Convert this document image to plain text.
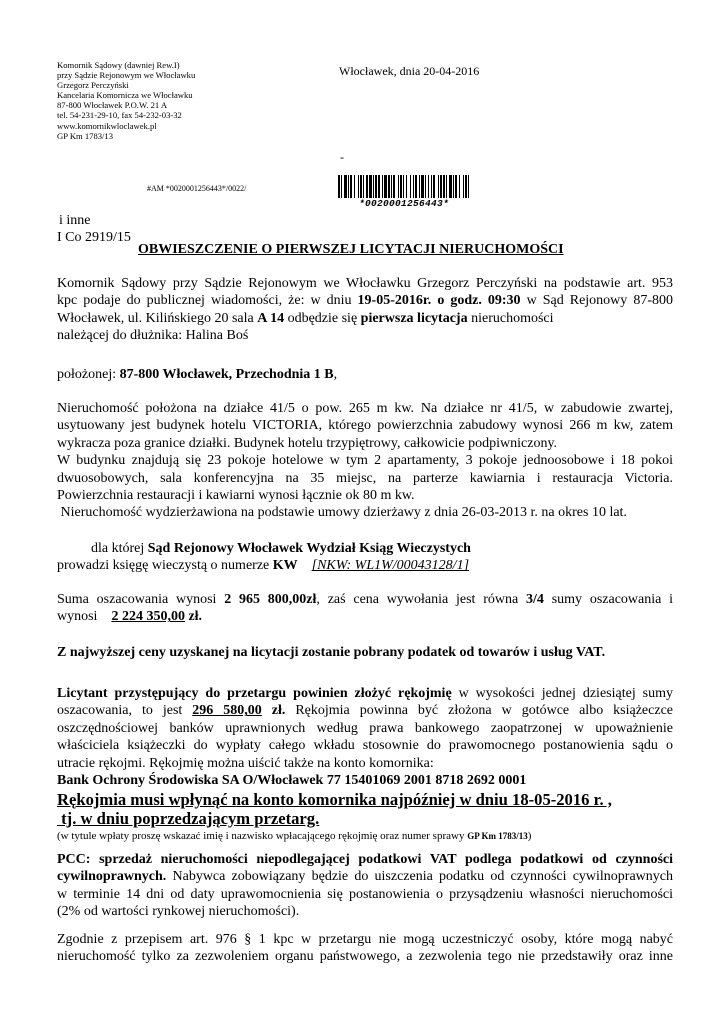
Komornik Sądowy (dawniej Rew.I)
przy Sądzie Rejonowym we Włocławku
Grzegorz Perczyński
Kancelaria Komornicza we Włocławku
87-800 Włocławek P.O.W. 21 A
tel. 54-231-29-10, fax 54-232-03-32
www.komornikwloclawek.pl
GP Km 1783/13
Włocławek, dnia 20-04-2016
-
#AM *0020001256443*/0022/
*0020001256443*
i inne
I Co 2919/15
OBWIESZCZENIE O PIERWSZEJ LICYTACJI NIERUCHOMOŚCI
Komornik Sądowy przy Sądzie Rejonowym we Włocławku Grzegorz Perczyński na podstawie art. 953
kpc podaje do publicznej wiadomości, że: w dniu 19-05-2016r. o godz. 09:30 w Sąd Rejonowy 87-800
Włocławek, ul. Kilińskiego 20 sala A 14 odbędzie się pierwsza licytacja nieruchomości
należącej do dłużnika: Halina Boś
położonej: 87-800 Włocławek, Przechodnia 1 B,
Nieruchomość położona na działce 41/5 o pow. 265 m kw. Na działce nr 41/5, w zabudowie zwartej,
usytuowany jest budynek hotelu VICTORIA, którego powierzchnia zabudowy wynosi 266 m kw, zatem
wykracza poza granice działki. Budynek hotelu trzypiętrowy, całkowicie podpiwniczony.
W budynku znajdują się 23 pokoje hotelowe w tym 2 apartamenty, 3 pokoje jednoosobowe i 18 pokoi
dwuosobowych, sala konferencyjna na 35 miejsc, na parterze kawiarnia i restauracja Victoria.
Powierzchnia restauracji i kawiarni wynosi łącznie ok 80 m kw.
Nieruchomość wydzierżawiona na podstawie umowy dzierżawy z dnia 26-03-2013 r. na okres 10 lat.
dla której Sąd Rejonowy Włocławek Wydział Ksiąg Wieczystych
prowadzi księgę wieczystą o numerze KW [NKW: WL1W/00043128/1]
Suma oszacowania wynosi 2 965 800,00zł, zaś cena wywołania jest równa 3/4 sumy oszacowania i
wynosi    2 224 350,00 zł.
Z najwyższej ceny uzyskanej na licytacji zostanie pobrany podatek od towarów i usług VAT.
Licytant przystępujący do przetargu powinien złożyć rękojmię w wysokości jednej dziesiątej sumy
oszacowania, to jest 296 580,00 zł. Rękojmia powinna być złożona w gotówce albo książeczce
oszczędnościowej banków uprawnionych według prawa bankowego zaopatrzonej w upoważnienie
właściciela książeczki do wypłaty całego wkładu stosownie do prawomocnego postanowienia sądu o
utracie rękojmi. Rękojmię można uiścić także na konto komornika:
Bank Ochrony Środowiska SA O/Włocławek 77 15401069 2001 8718 2692 0001
Rękojmia musi wpłynąć na konto komornika najpóźniej w dniu 18-05-2016 r. ,
tj. w dniu poprzedzającym przetarg.
(w tytule wpłaty proszę wskazać imię i nazwisko wpłacającego rękojmię oraz numer sprawy GP Km 1783/13)
PCC: sprzedaż nieruchomości niepodlegającej podatkowi VAT podlega podatkowi od czynności
cywilnoprawnych. Nabywca zobowiązany będzie do uiszczenia podatku od czynności cywilnoprawnych
w terminie 14 dni od daty uprawomocnienia się postanowienia o przysądzeniu własności nieruchomości
(2% od wartości rynkowej nieruchomości).
Zgodnie z przepisem art. 976 § 1 kpc w przetargu nie mogą uczestniczyć osoby, które mogą nabyć
nieruchomość tylko za zezwoleniem organu państwowego, a zezwolenia tego nie przedstawiły oraz inne
